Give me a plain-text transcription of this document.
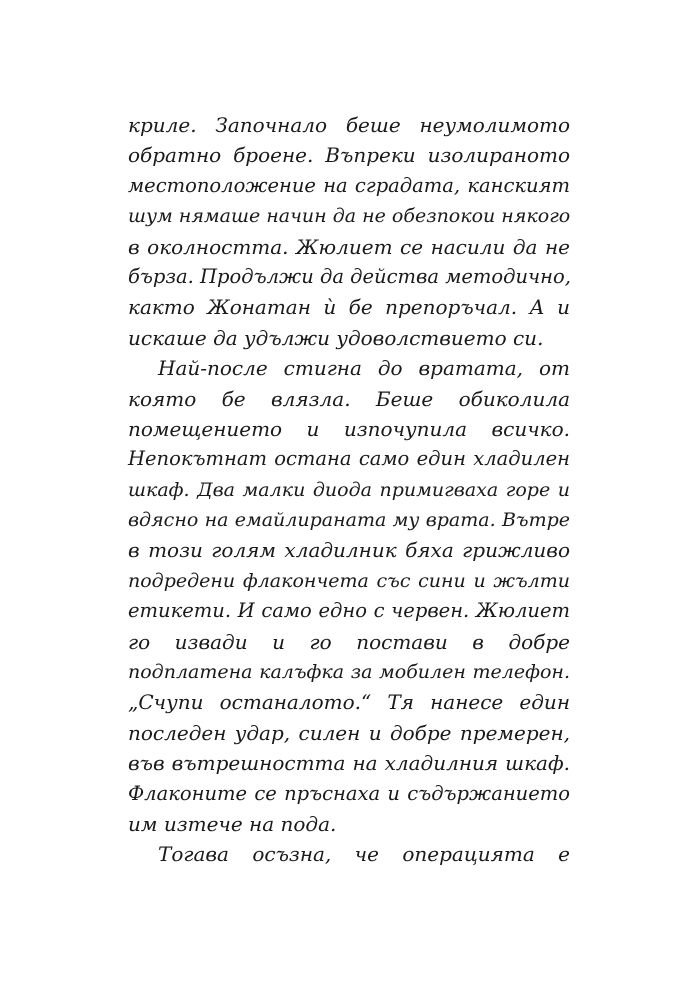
криле. Започнало беше неумолимото
обратно броене. Въпреки изолираното
местоположение на сградата, канският
шум нямаше начин да не обезпокои някого
в околността. Жюлиет се насили да не
бърза. Продължи да действа методично,
както Жонатан ѝ бе препоръчал. А и
искаше да удължи удоволствието си.
Най-после стигна до вратата, от
която бе влязла. Беше обиколила
помещението и изпочупила всичко.
Непокътнат остана само един хладилен
шкаф. Два малки диода примигваха горе и
вдясно на емайлираната му врата. Вътре
в този голям хладилник бяха грижливо
подредени флакончета със сини и жълти
етикети. И само едно с червен. Жюлиет
го извади и го постави в добре
подплатена калъфка за мобилен телефон.
„Счупи останалото.“ Тя нанесе един
последен удар, силен и добре премерен,
във вътрешността на хладилния шкаф.
Флаконите се пръснаха и съдържанието
им изтече на пода.
Тогава осъзна, че операцията е
